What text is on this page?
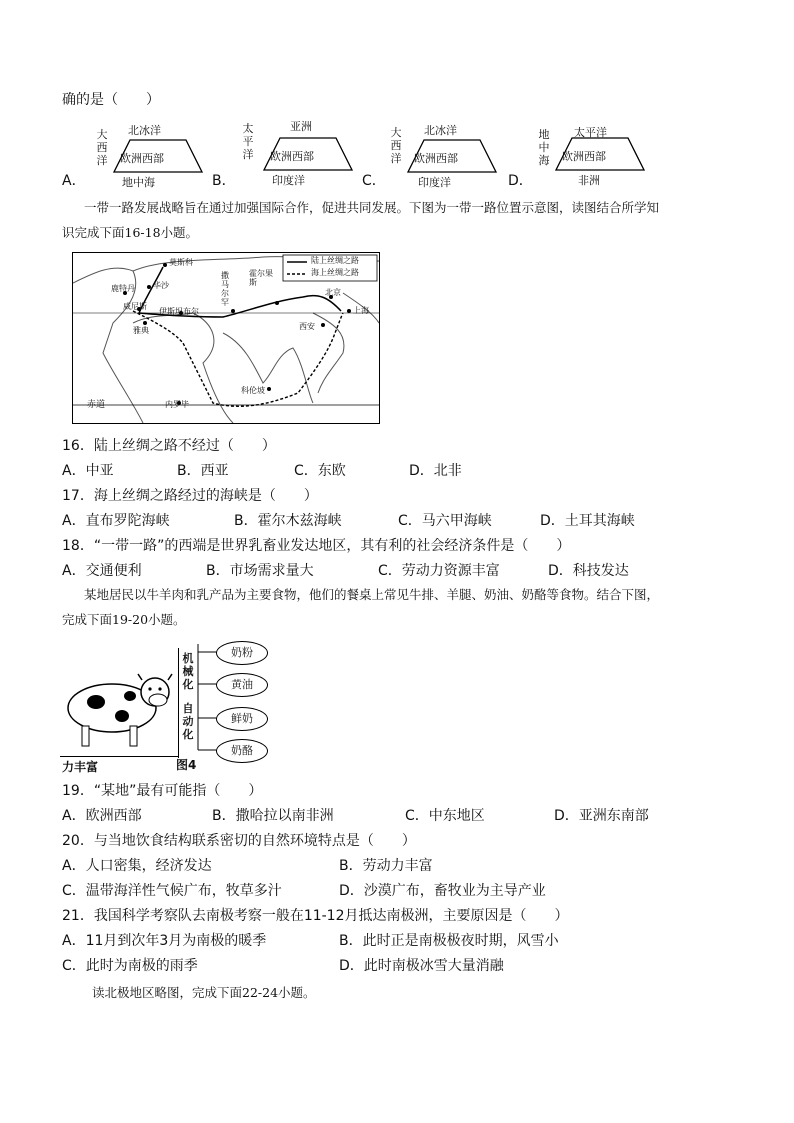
确的是（　　）
A．
大西洋
北冰洋
欧洲西部
地中海	B．
太平洋
亚洲
欧洲西部
印度洋	C．
大西洋
北冰洋
欧洲西部
印度洋	D．
地中海
太平洋
欧洲西部
非洲
一带一路发展战略旨在通过加强国际合作，促进共同发展。下图为一带一路位置示意图，读图结合所学知
识完成下面16-18小题。
陆上丝绸之路
海上丝绸之路
莫斯科
华沙
鹿特丹
伊斯坦布尔
威尼斯
雅典
撒马尔罕
霍尔果斯
北京
西安
上海
科伦坡
内罗毕
赤道
16．陆上丝绸之路不经过（　　）
A．中亚	B．西亚	C．东欧	D．北非
17．海上丝绸之路经过的海峡是（　　）
A．直布罗陀海峡	B．霍尔木兹海峡	C．马六甲海峡	D．土耳其海峡
18．“一带一路”的西端是世界乳畜业发达地区，其有利的社会经济条件是（　　）
A．交通便利	B．市场需求量大	C．劳动力资源丰富	D．科技发达
某地居民以牛羊肉和乳产品为主要食物，他们的餐桌上常见牛排、羊腿、奶油、奶酪等食物。结合下图，
完成下面19-20小题。
机械化
自动化
奶粉
黄油
鲜奶
奶酪
力丰富	图4
19．“某地”最有可能指（　　）
A．欧洲西部	B．撒哈拉以南非洲	C．中东地区	D．亚洲东南部
20．与当地饮食结构联系密切的自然环境特点是（　　）
A．人口密集，经济发达	B．劳动力丰富
C．温带海洋性气候广布，牧草多汁	D．沙漠广布，畜牧业为主导产业
21．我国科学考察队去南极考察一般在11-12月抵达南极洲，主要原因是（　　）
A．11月到次年3月为南极的暖季	B．此时正是南极极夜时期，风雪小
C．此时为南极的雨季	D．此时南极冰雪大量消融
读北极地区略图，完成下面22-24小题。
